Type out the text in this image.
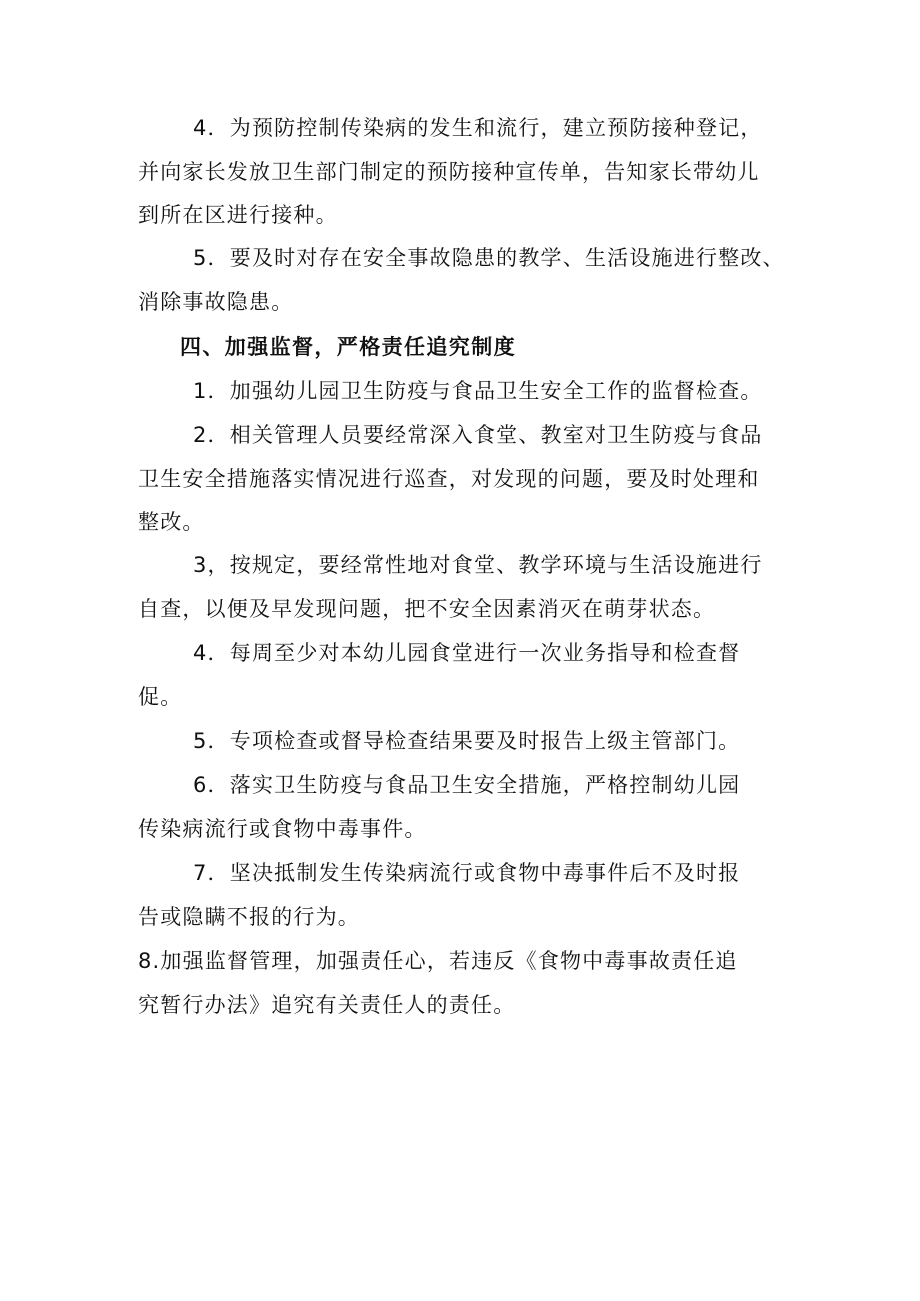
4．为预防控制传染病的发生和流行，建立预防接种登记，
并向家长发放卫生部门制定的预防接种宣传单，告知家长带幼儿
到所在区进行接种。
5．要及时对存在安全事故隐患的教学、生活设施进行整改、
消除事故隐患。
四、加强监督，严格责任追究制度
1．加强幼儿园卫生防疫与食品卫生安全工作的监督检查。
2．相关管理人员要经常深入食堂、教室对卫生防疫与食品
卫生安全措施落实情况进行巡查，对发现的问题，要及时处理和
整改。
3，按规定，要经常性地对食堂、教学环境与生活设施进行
自查，以便及早发现问题，把不安全因素消灭在萌芽状态。
4．每周至少对本幼儿园食堂进行一次业务指导和检查督
促。
5．专项检查或督导检查结果要及时报告上级主管部门。
6．落实卫生防疫与食品卫生安全措施，严格控制幼儿园
传染病流行或食物中毒事件。
7．坚决抵制发生传染病流行或食物中毒事件后不及时报
告或隐瞒不报的行为。
8.加强监督管理，加强责任心，若违反《食物中毒事故责任追
究暂行办法》追究有关责任人的责任。
